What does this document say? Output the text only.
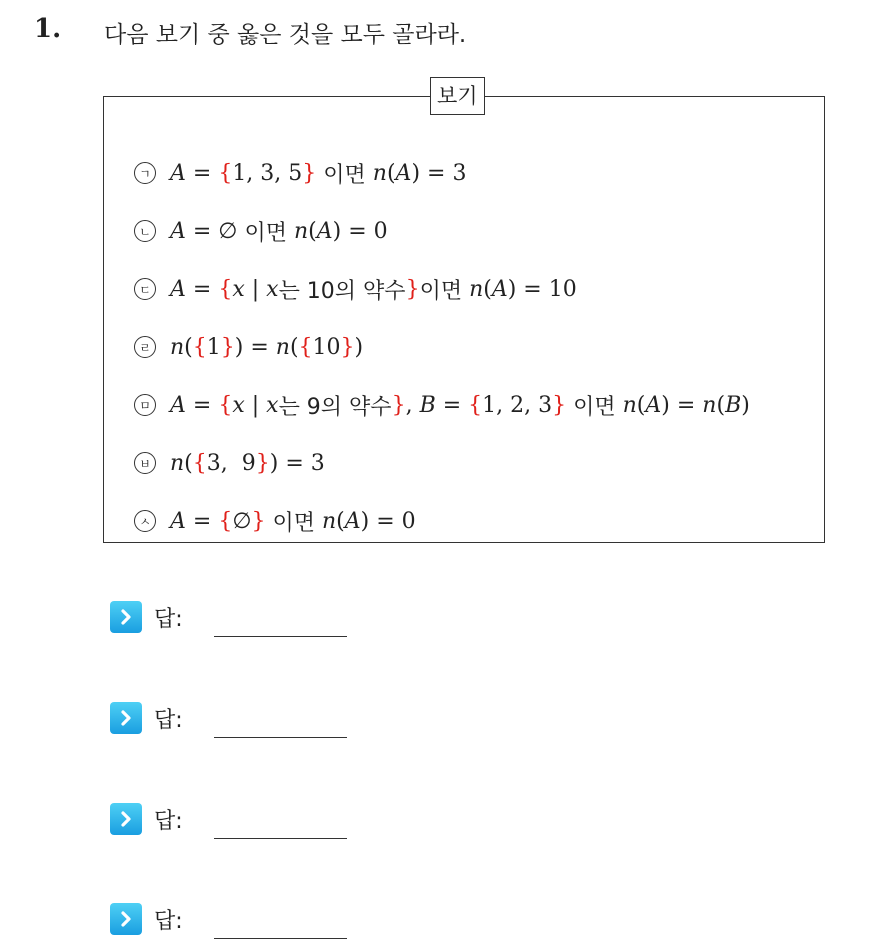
1. 다음 보기 중 옳은 것을 모두 골라라.
보기
ㄱ A = { 1, 3, 5 } 이면 n ( A ) = 3
ㄴ A = ∅ 이면 n ( A ) = 0
ㄷ A = { x | x 는 10의 약수 } 이면 n ( A ) = 10
ㄹ n ( { 1 } ) = n ( { 10 } )
ㅁ A = { x | x 는 9의 약수 } , B = { 1, 2, 3 } 이면 n ( A ) = n ( B )
ㅂ n ( { 3,  9 } ) = 3
ㅅ A = { ∅ } 이면 n ( A ) = 0
답:
답:
답:
답:
